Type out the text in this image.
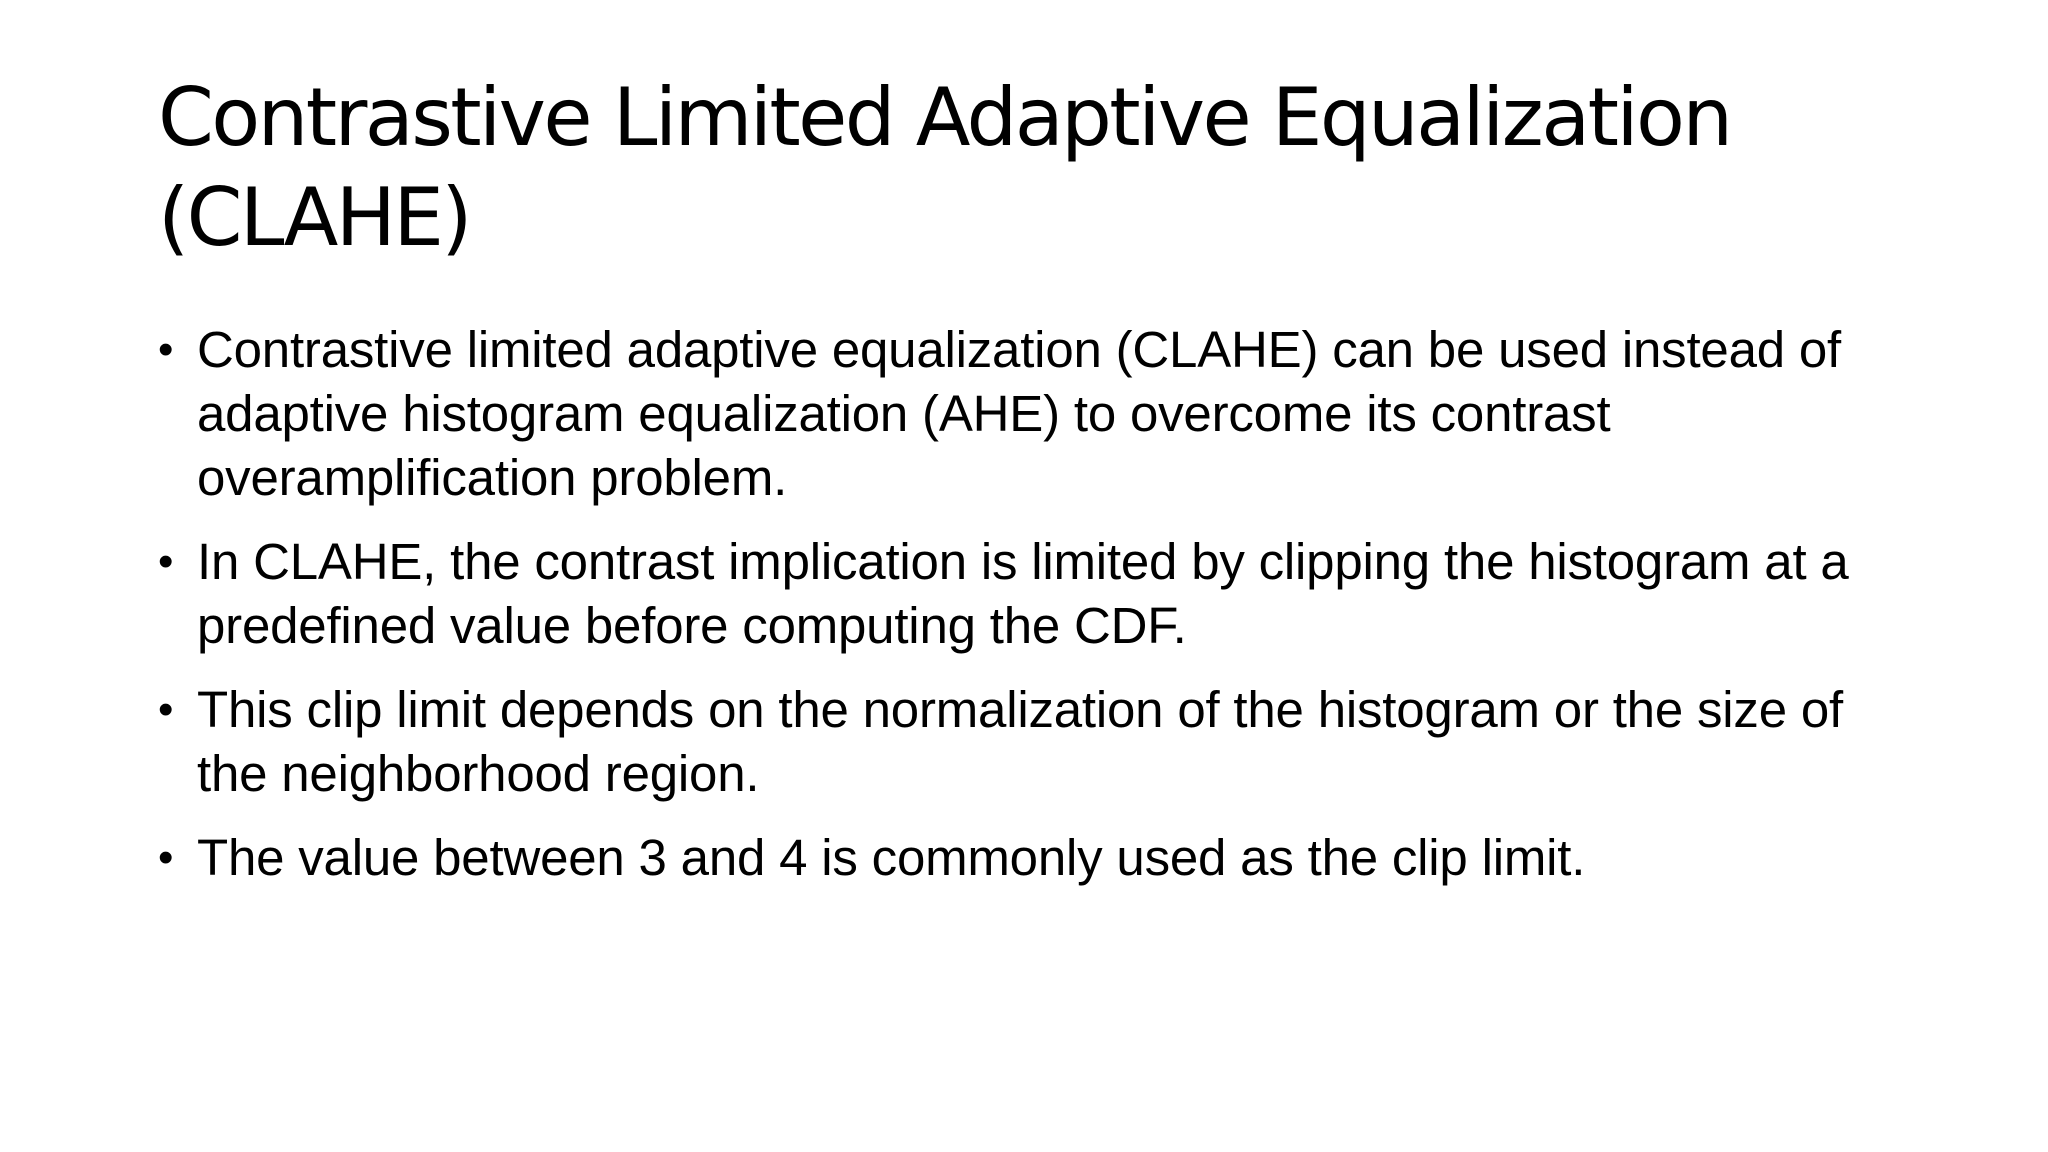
Contrastive Limited Adaptive Equalization
(CLAHE)
• Contrastive limited adaptive equalization (CLAHE) can be used instead of adaptive histogram equalization (AHE) to overcome its contrast overamplification problem.
• In CLAHE, the contrast implication is limited by clipping the histogram at a predefined value before computing the CDF.
• This clip limit depends on the normalization of the histogram or the size of the neighborhood region.
• The value between 3 and 4 is commonly used as the clip limit.
